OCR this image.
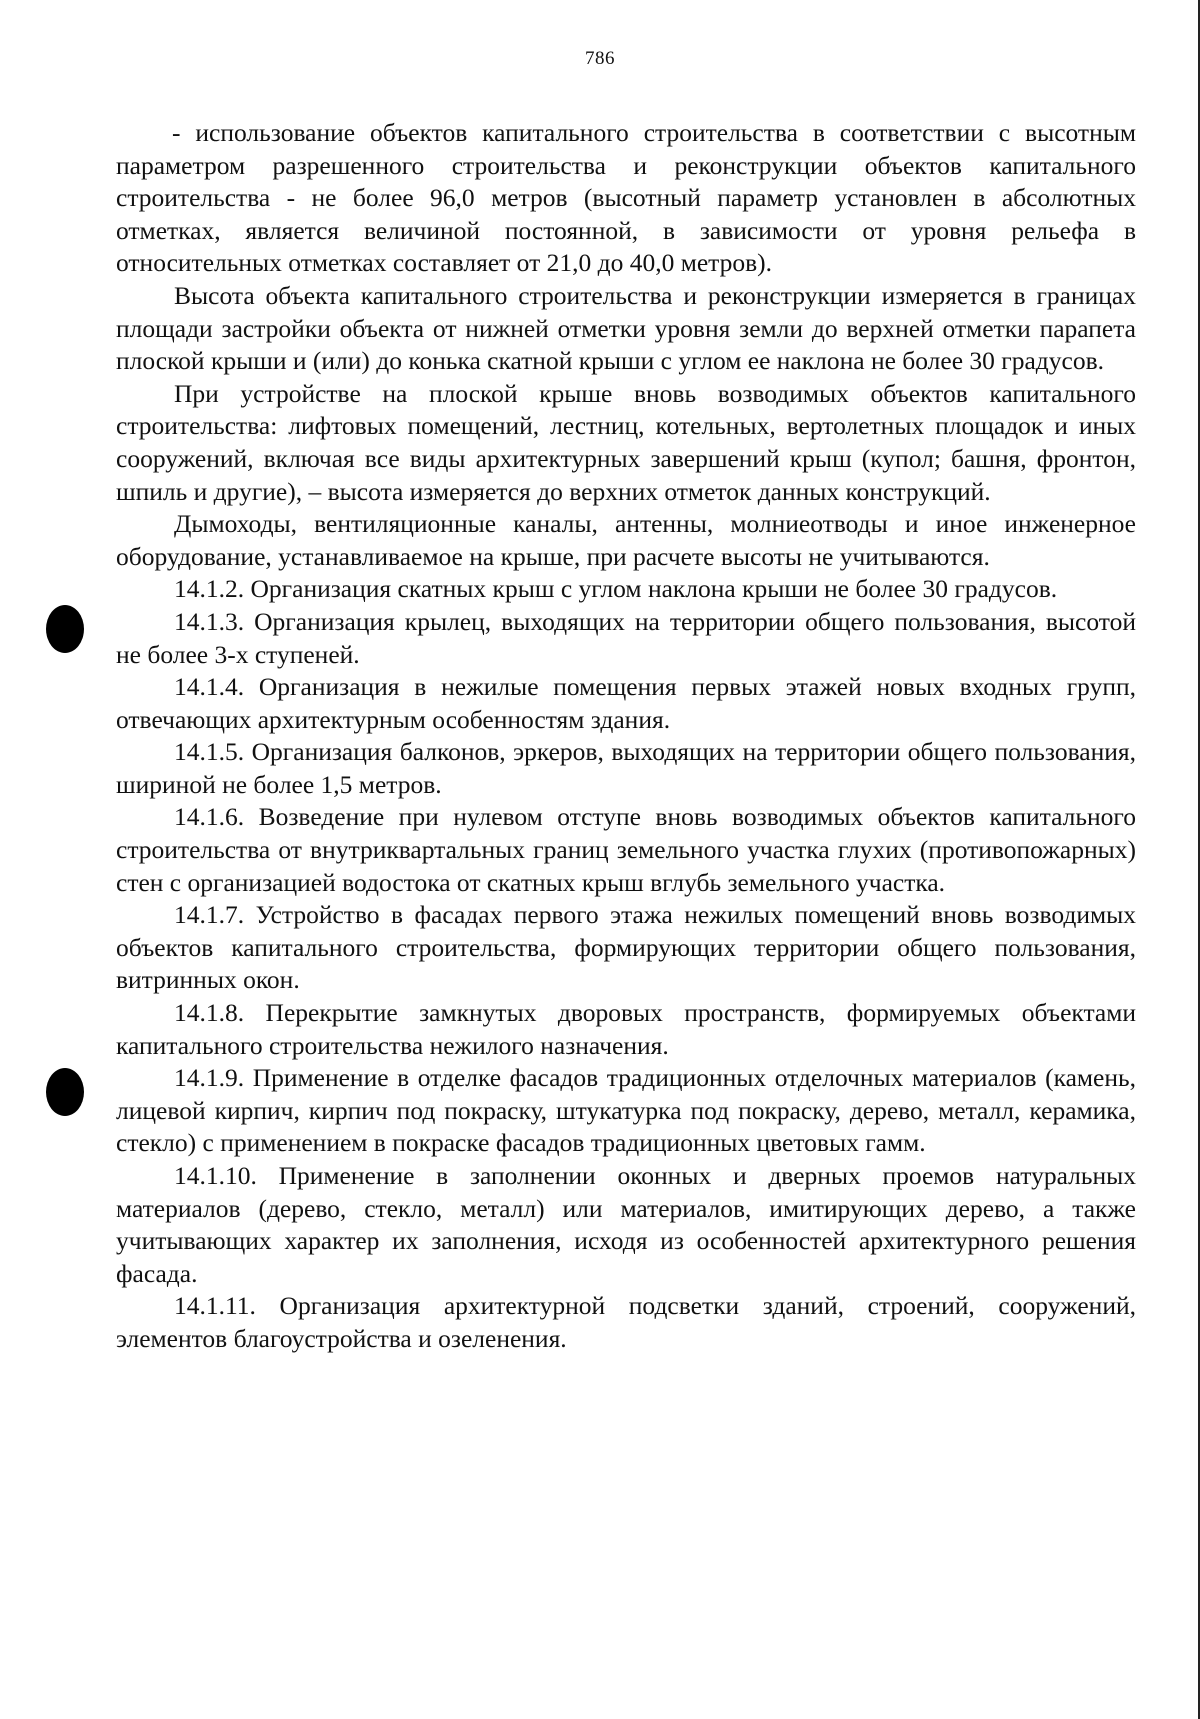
786

- использование объектов капитального строительства в соответствии с высотным параметром разрешенного строительства и реконструкции объектов капитального строительства - не более 96,0 метров (высотный параметр установлен в абсолютных отметках, является величиной постоянной, в зависимости от уровня рельефа в относительных отметках составляет от 21,0 до 40,0 метров).

Высота объекта капитального строительства и реконструкции измеряется в границах площади застройки объекта от нижней отметки уровня земли до верхней отметки парапета плоской крыши и (или) до конька скатной крыши с углом ее наклона не более 30 градусов.

При устройстве на плоской крыше вновь возводимых объектов капитального строительства: лифтовых помещений, лестниц, котельных, вертолетных площадок и иных сооружений, включая все виды архитектурных завершений крыш (купол; башня, фронтон, шпиль и другие), – высота измеряется до верхних отметок данных конструкций.

Дымоходы, вентиляционные каналы, антенны, молниеотводы и иное инженерное оборудование, устанавливаемое на крыше, при расчете высоты не учитываются.

14.1.2. Организация скатных крыш с углом наклона крыши не более 30 градусов.

14.1.3. Организация крылец, выходящих на территории общего пользования, высотой не более 3-х ступеней.

14.1.4. Организация в нежилые помещения первых этажей новых входных групп, отвечающих архитектурным особенностям здания.

14.1.5. Организация балконов, эркеров, выходящих на территории общего пользования, шириной не более 1,5 метров.

14.1.6. Возведение при нулевом отступе вновь возводимых объектов капитального строительства от внутриквартальных границ земельного участка глухих (противопожарных) стен с организацией водостока от скатных крыш вглубь земельного участка.

14.1.7. Устройство в фасадах первого этажа нежилых помещений вновь возводимых объектов капитального строительства, формирующих территории общего пользования, витринных окон.

14.1.8. Перекрытие замкнутых дворовых пространств, формируемых объектами капитального строительства нежилого назначения.

14.1.9. Применение в отделке фасадов традиционных отделочных материалов (камень, лицевой кирпич, кирпич под покраску, штукатурка под покраску, дерево, металл, керамика, стекло) с применением в покраске фасадов традиционных цветовых гамм.

14.1.10. Применение в заполнении оконных и дверных проемов натуральных материалов (дерево, стекло, металл) или материалов, имитирующих дерево, а также учитывающих характер их заполнения, исходя из особенностей архитектурного решения фасада.

14.1.11. Организация архитектурной подсветки зданий, строений, сооружений, элементов благоустройства и озеленения.
